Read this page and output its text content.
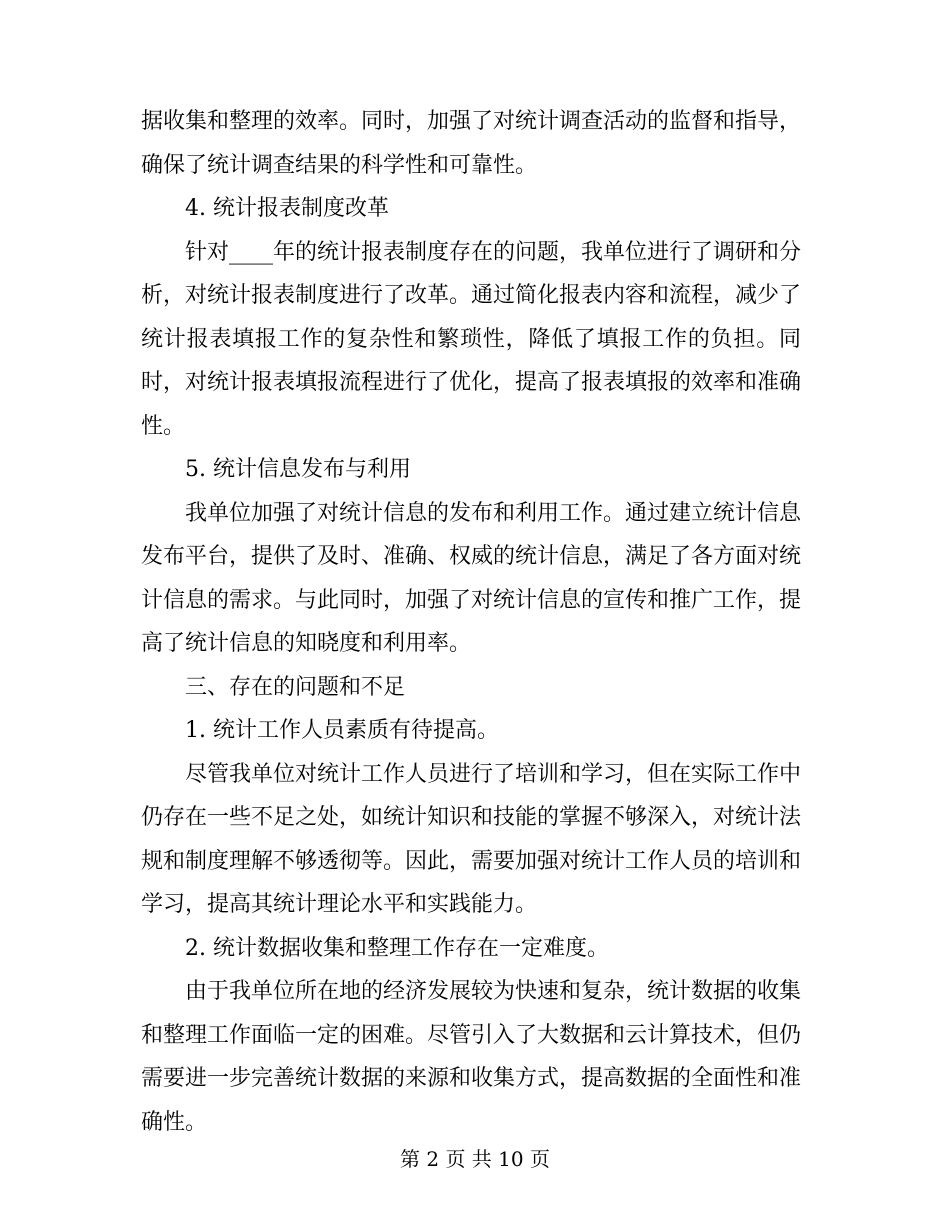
据收集和整理的效率。同时，加强了对统计调查活动的监督和指导，

确保了统计调查结果的科学性和可靠性。

4. 统计报表制度改革

针对____年的统计报表制度存在的问题，我单位进行了调研和分

析，对统计报表制度进行了改革。通过简化报表内容和流程，减少了

统计报表填报工作的复杂性和繁琐性，降低了填报工作的负担。同

时，对统计报表填报流程进行了优化，提高了报表填报的效率和准确

性。

5. 统计信息发布与利用

我单位加强了对统计信息的发布和利用工作。通过建立统计信息

发布平台，提供了及时、准确、权威的统计信息，满足了各方面对统

计信息的需求。与此同时，加强了对统计信息的宣传和推广工作，提

高了统计信息的知晓度和利用率。

三、存在的问题和不足

1. 统计工作人员素质有待提高。

尽管我单位对统计工作人员进行了培训和学习，但在实际工作中

仍存在一些不足之处，如统计知识和技能的掌握不够深入，对统计法

规和制度理解不够透彻等。因此，需要加强对统计工作人员的培训和

学习，提高其统计理论水平和实践能力。

2. 统计数据收集和整理工作存在一定难度。

由于我单位所在地的经济发展较为快速和复杂，统计数据的收集

和整理工作面临一定的困难。尽管引入了大数据和云计算技术，但仍

需要进一步完善统计数据的来源和收集方式，提高数据的全面性和准

确性。

第 2 页 共 10 页
